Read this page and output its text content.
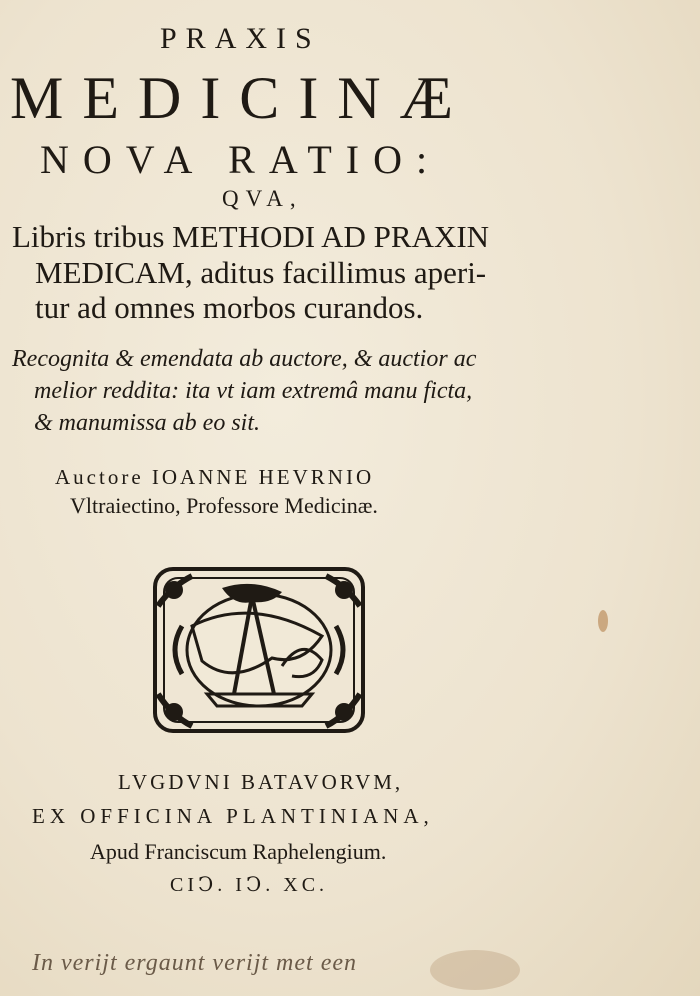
PRAXIS
MEDICINÆ
NOVA RATIO:
QVA,
Libris tribus METHODI AD PRAXIN
MEDICAM, aditus facillimus aperi-
tur ad omnes morbos curandos.
Recognita & emendata ab auctore, & auctior ac
melior reddita: ita vt iam extremâ manu ficta,
& manumissa ab eo sit.
Auctore IOANNE HEVRNIO
Vltraiectino, Professore Medicinæ.
LVGDVNI BATAVORVM,
EX OFFICINA PLANTINIANA,
Apud Franciscum Raphelengium.
CIↃ. IↃ. XC.
In verijt ergaunt verijt met een
